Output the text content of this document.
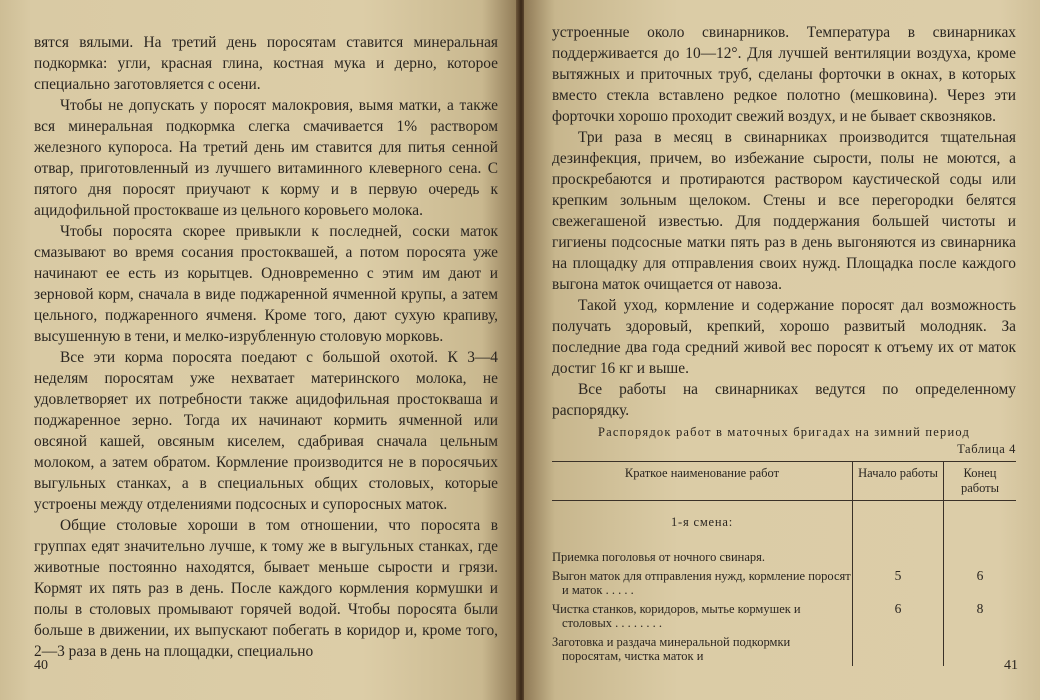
вятся вялыми. На третий день поросятам ставится минеральная подкормка: угли, красная глина, костная мука и дерно, которое специально заготовляется с осени.

Чтобы не допускать у поросят малокровия, вымя матки, а также вся минеральная подкормка слегка смачивается 1% раствором железного купороса. На третий день им ставится для питья сенной отвар, приготовленный из лучшего витаминного клеверного сена. С пятого дня поросят приучают к корму и в первую очередь к ацидофильной простокваше из цельного коровьего молока.

Чтобы поросята скорее привыкли к последней, соски маток смазывают во время сосания простоквашей, а потом поросята уже начинают ее есть из корытцев. Одновременно с этим им дают и зерновой корм, сначала в виде поджаренной ячменной крупы, а затем цельного, поджаренного ячменя. Кроме того, дают сухую крапиву, высушенную в тени, и мелко-изрубленную столовую морковь.

Все эти корма поросята поедают с большой охотой. К 3—4 неделям поросятам уже нехватает материнского молока, не удовлетворяет их потребности также ацидофильная простокваша и поджаренное зерно. Тогда их начинают кормить ячменной или овсяной кашей, овсяным киселем, сдабривая сначала цельным молоком, а затем обратом. Кормление производится не в поросячьих выгульных станках, а в специальных общих столовых, которые устроены между отделениями подсосных и супоросных маток.

Общие столовые хороши в том отношении, что поросята в группах едят значительно лучше, к тому же в выгульных станках, где животные постоянно находятся, бывает меньше сырости и грязи. Кормят их пять раз в день. После каждого кормления кормушки и полы в столовых промывают горячей водой. Чтобы поросята были больше в движении, их выпускают побегать в коридор и, кроме того, 2—3 раза в день на площадки, специально

40

устроенные около свинарников. Температура в свинарниках поддерживается до 10—12°. Для лучшей вентиляции воздуха, кроме вытяжных и приточных труб, сделаны форточки в окнах, в которых вместо стекла вставлено редкое полотно (мешковина). Через эти форточки хорошо проходит свежий воздух, и не бывает сквозняков.

Три раза в месяц в свинарниках производится тщательная дезинфекция, причем, во избежание сырости, полы не моются, а проскребаются и протираются раствором каустической соды или крепким зольным щелоком. Стены и все перегородки белятся свежегашеной известью. Для поддержания большей чистоты и гигиены подсосные матки пять раз в день выгоняются из свинарника на площадку для отправления своих нужд. Площадка после каждого выгона маток очищается от навоза.

Такой уход, кормление и содержание поросят дал возможность получать здоровый, крепкий, хорошо развитый молодняк. За последние два года средний живой вес поросят к отъему их от маток достиг 16 кг и выше.

Все работы на свинарниках ведутся по определенному распорядку.

Распорядок работ в маточных бригадах на зимний период
Таблица 4
Краткое наименование работ	Начало работы	Конец работы
1-я смена:		
Приемка поголовья от ночного свинаря.		
Выгон маток для отправления нужд, кормление поросят и маток . . . . .	5	6
Чистка станков, коридоров, мытье кормушек и столовых . . . . . . . .	6	8
Заготовка и раздача минеральной подкормки поросятам, чистка маток и		
41
